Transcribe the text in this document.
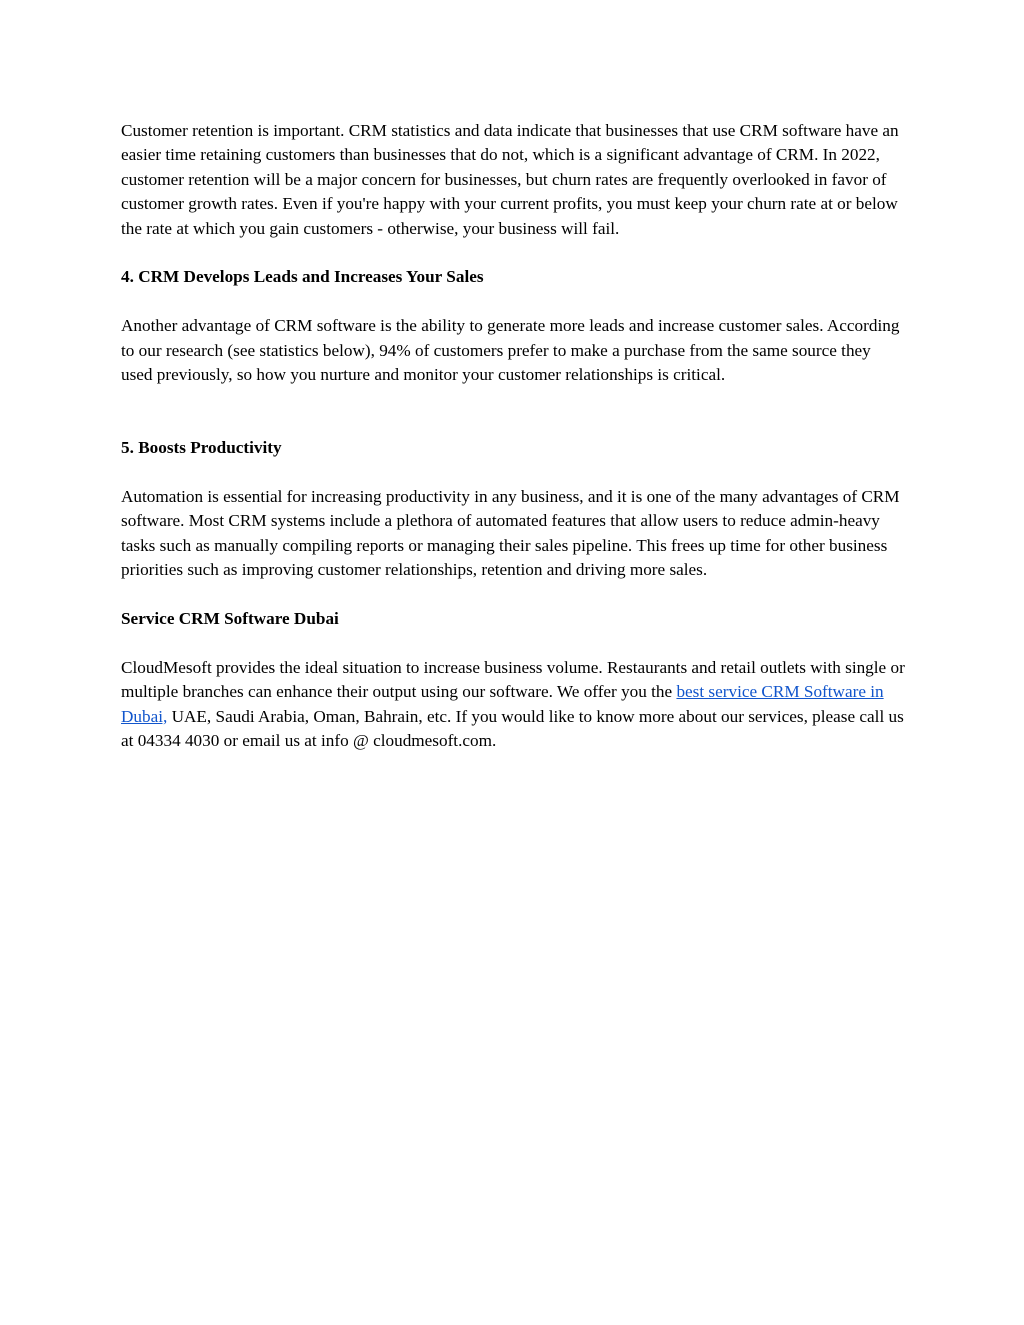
Customer retention is important. CRM statistics and data indicate that businesses that use CRM software have an easier time retaining customers than businesses that do not, which is a significant advantage of CRM. In 2022, customer retention will be a major concern for businesses, but churn rates are frequently overlooked in favor of customer growth rates. Even if you're happy with your current profits, you must keep your churn rate at or below the rate at which you gain customers - otherwise, your business will fail.

4. CRM Develops Leads and Increases Your Sales

Another advantage of CRM software is the ability to generate more leads and increase customer sales. According to our research (see statistics below), 94% of customers prefer to make a purchase from the same source they used previously, so how you nurture and monitor your customer relationships is critical.

5. Boosts Productivity

Automation is essential for increasing productivity in any business, and it is one of the many advantages of CRM software. Most CRM systems include a plethora of automated features that allow users to reduce admin-heavy tasks such as manually compiling reports or managing their sales pipeline. This frees up time for other business priorities such as improving customer relationships, retention and driving more sales.

Service CRM Software Dubai

CloudMesoft provides the ideal situation to increase business volume. Restaurants and retail outlets with single or multiple branches can enhance their output using our software. We offer you the best service CRM Software in Dubai, UAE, Saudi Arabia, Oman, Bahrain, etc. If you would like to know more about our services, please call us at 04334 4030 or email us at info @ cloudmesoft.com.
